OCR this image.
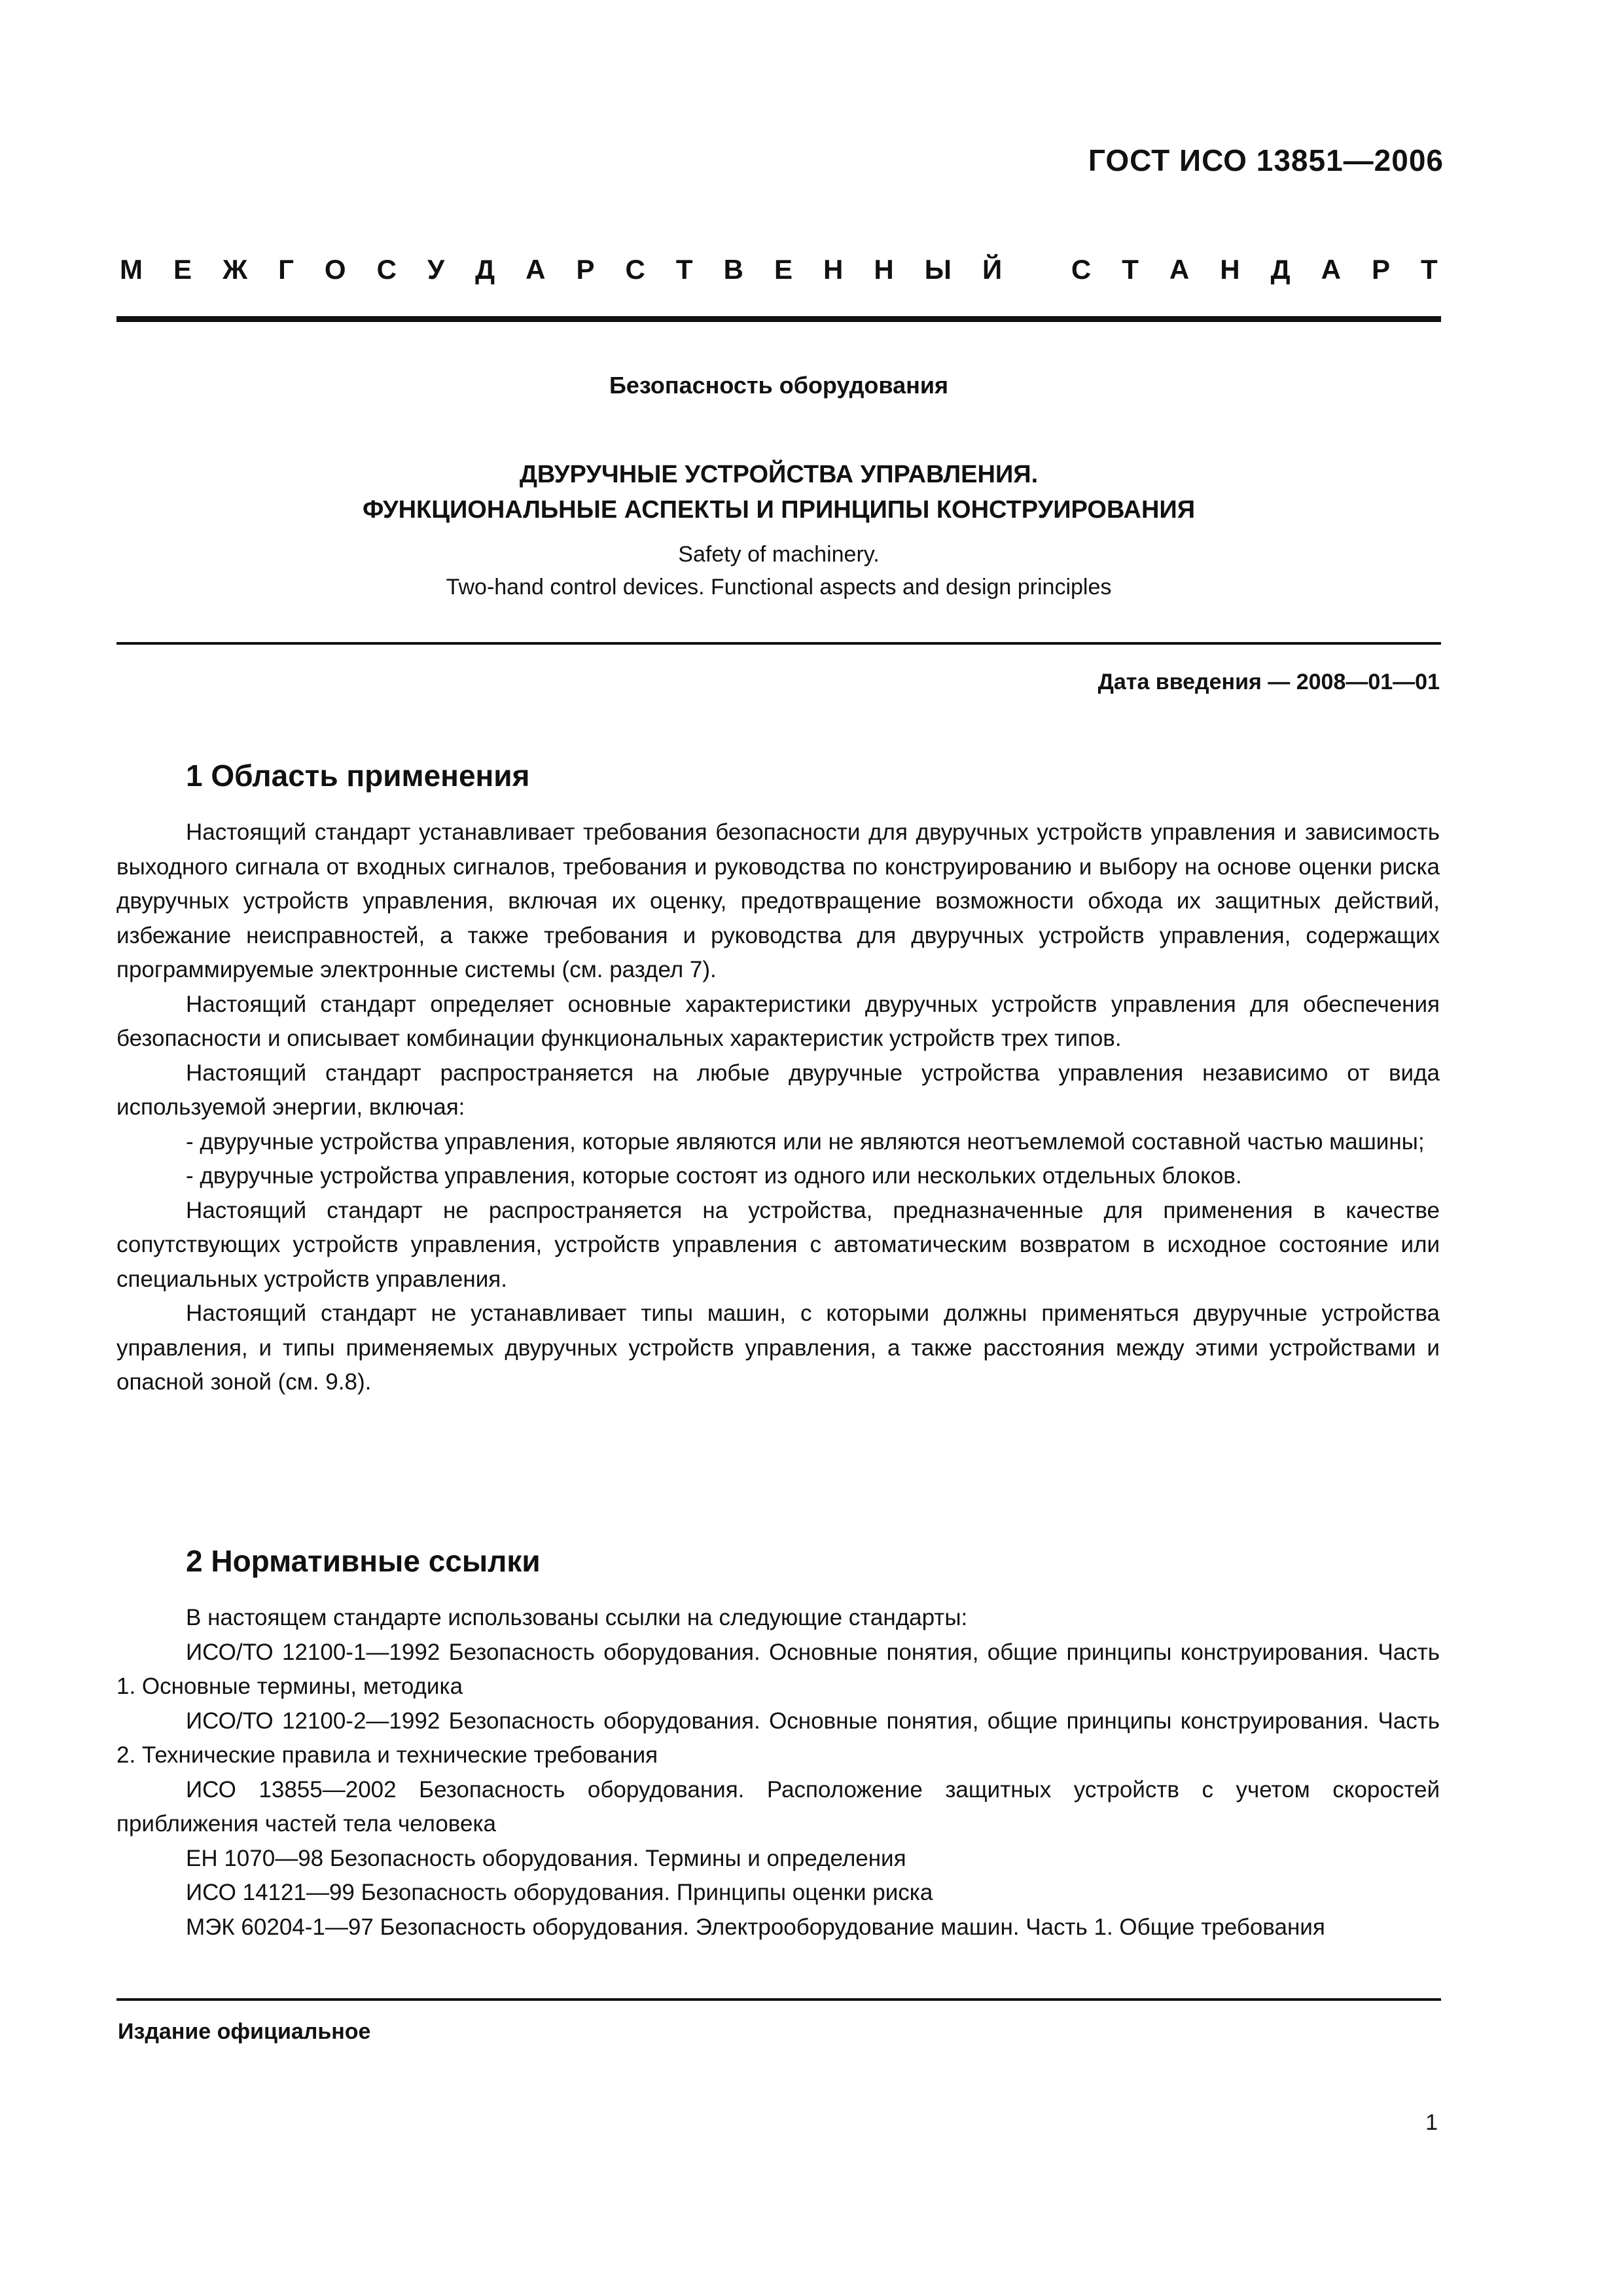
ГОСТ ИСО 13851—2006
М Е Ж Г О С У Д А Р С Т В Е Н Н Ы Й
	С Т А Н Д А Р Т
Безопасность оборудования
ДВУРУЧНЫЕ УСТРОЙСТВА УПРАВЛЕНИЯ.
ФУНКЦИОНАЛЬНЫЕ АСПЕКТЫ И ПРИНЦИПЫ КОНСТРУИРОВАНИЯ
Safety of machinery.
Two-hand control devices. Functional aspects and design principles

Дата введения — 2008—01—01

1 Область применения

Настоящий стандарт устанавливает требования безопасности для двуручных устройств управления и зависимость выходного сигнала от входных сигналов, требования и руководства по конструированию и выбору на основе оценки риска двуручных устройств управления, включая их оценку, предотвращение возможности обхода их защитных действий, избежание неисправностей, а также требования и руководства для двуручных устройств управления, содержащих программируемые электронные системы (см. раздел 7).

Настоящий стандарт определяет основные характеристики двуручных устройств управления для обеспечения безопасности и описывает комбинации функциональных характеристик устройств трех типов.

Настоящий стандарт распространяется на любые двуручные устройства управления независимо от вида используемой энергии, включая:

- двуручные устройства управления, которые являются или не являются неотъемлемой составной частью машины;

- двуручные устройства управления, которые состоят из одного или нескольких отдельных блоков.

Настоящий стандарт не распространяется на устройства, предназначенные для применения в качестве сопутствующих устройств управления, устройств управления с автоматическим возвратом в исходное состояние или специальных устройств управления.

Настоящий стандарт не устанавливает типы машин, с которыми должны применяться двуручные устройства управления, и типы применяемых двуручных устройств управления, а также расстояния между этими устройствами и опасной зоной (см. 9.8).

2 Нормативные ссылки

В настоящем стандарте использованы ссылки на следующие стандарты:

ИСО/ТО 12100-1—1992 Безопасность оборудования. Основные понятия, общие принципы конструирования. Часть 1. Основные термины, методика

ИСО/ТО 12100-2—1992 Безопасность оборудования. Основные понятия, общие принципы конструирования. Часть 2. Технические правила и технические требования

ИСО 13855—2002 Безопасность оборудования. Расположение защитных устройств с учетом скоростей приближения частей тела человека

ЕН 1070—98 Безопасность оборудования. Термины и определения

ИСО 14121—99 Безопасность оборудования. Принципы оценки риска

МЭК 60204-1—97 Безопасность оборудования. Электрооборудование машин. Часть 1. Общие требования

Издание официальное

1
